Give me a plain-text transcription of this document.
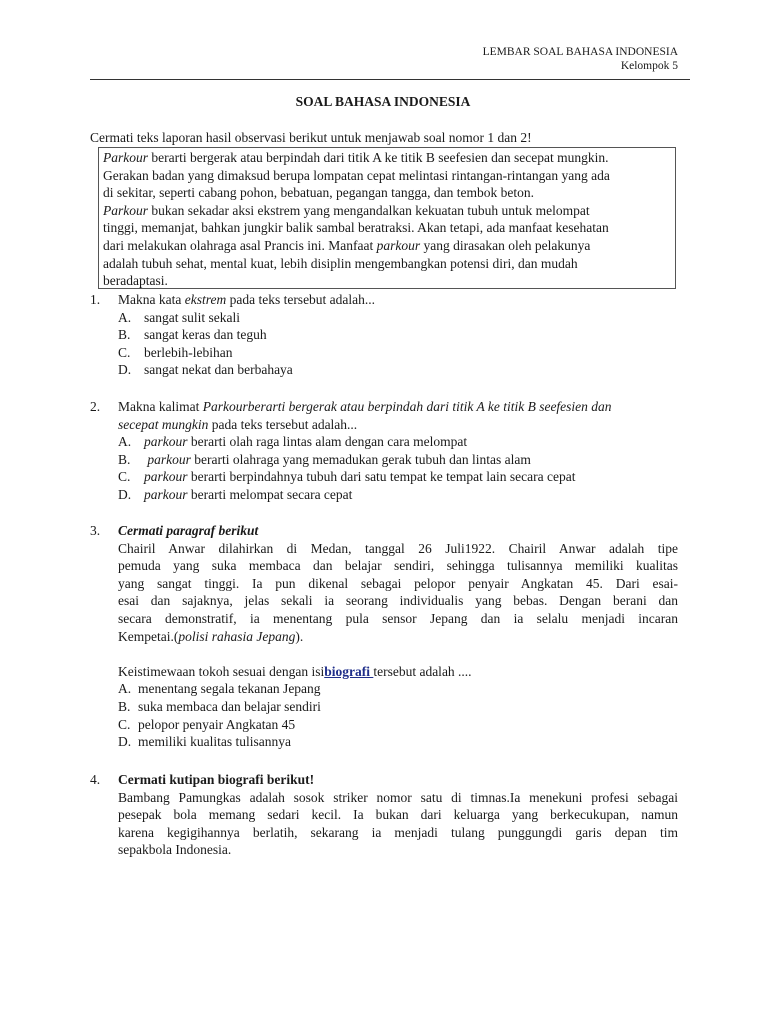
LEMBAR SOAL BAHASA INDONESIA
Kelompok 5
SOAL BAHASA INDONESIA
Cermati teks laporan hasil observasi berikut untuk menjawab soal nomor 1 dan 2!

Parkour berarti bergerak atau berpindah dari titik A ke titik B seefesien dan secepat mungkin.

Gerakan badan yang dimaksud berupa lompatan cepat melintasi rintangan-rintangan yang ada

di sekitar, seperti cabang pohon, bebatuan, pegangan tangga, dan tembok beton.

Parkour bukan sekadar aksi ekstrem yang mengandalkan kekuatan tubuh untuk melompat

tinggi, memanjat, bahkan jungkir balik sambal beratraksi. Akan tetapi, ada manfaat kesehatan

dari melakukan olahraga asal Prancis ini. Manfaat parkour yang dirasakan oleh pelakunya

adalah tubuh sehat, mental kuat, lebih disiplin mengembangkan potensi diri, dan mudah

beradaptasi.

1. Makna kata ekstrem pada teks tersebut adalah...

A. sangat sulit sekali
B. sangat keras dan teguh
C. berlebih-lebihan
D. sangat nekat dan berbahaya
2. Makna kalimat Parkourberarti bergerak atau berpindah dari titik A ke titik B seefesien dan

secepat mungkin pada teks tersebut adalah...

A. parkour berarti olah raga lintas alam dengan cara melompat
B. parkour berarti olahraga yang memadukan gerak tubuh dan lintas alam
C. parkour berarti berpindahnya tubuh dari satu tempat ke tempat lain secara cepat
D. parkour berarti melompat secara cepat
3. Cermati paragraf berikut

Chairil Anwar dilahirkan di Medan, tanggal 26 Juli1922. Chairil Anwar adalah tipe

pemuda yang suka membaca dan belajar sendiri, sehingga tulisannya memiliki kualitas

yang sangat tinggi. Ia pun dikenal sebagai pelopor penyair Angkatan 45. Dari esai-

esai dan sajaknya, jelas sekali ia seorang individualis yang bebas. Dengan berani dan

secara demonstratif, ia menentang pula sensor Jepang dan ia selalu menjadi incaran

Kempetai.(polisi rahasia Jepang).

Keistimewaan tokoh sesuai dengan isibiografi tersebut adalah ....

A. menentang segala tekanan Jepang
B. suka membaca dan belajar sendiri
C. pelopor penyair Angkatan 45
D. memiliki kualitas tulisannya
4. Cermati kutipan biografi berikut!

Bambang Pamungkas adalah sosok striker nomor satu di timnas.Ia menekuni profesi sebagai

pesepak bola memang sedari kecil. Ia bukan dari keluarga yang berkecukupan, namun

karena kegigihannya berlatih, sekarang ia menjadi tulang punggungdi garis depan tim

sepakbola Indonesia.
